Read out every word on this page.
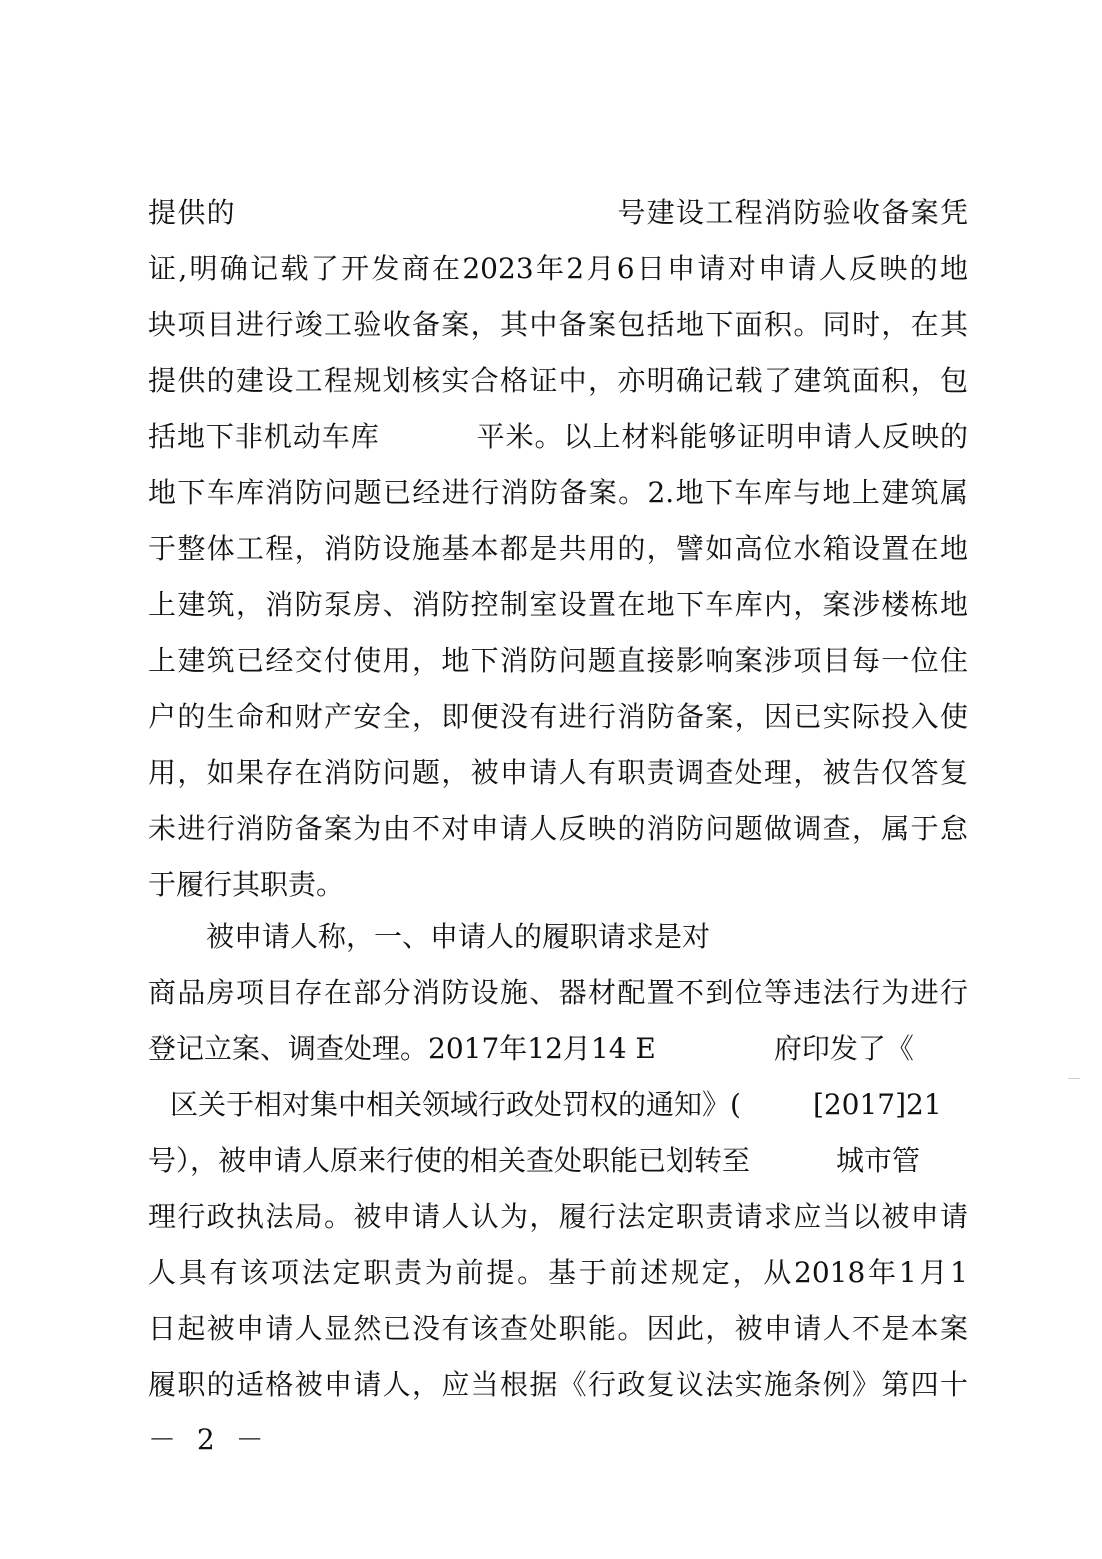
提供的	号建设工程消防验收备案凭
证,明确记载了开发商在2023年2月6日申请对申请人反映的地
块项目进行竣工验收备案，其中备案包括地下面积。同时，在其
提供的建设工程规划核实合格证中，亦明确记载了建筑面积，包
括地下非机动车库	平米。以上材料能够证明申请人反映的
地下车库消防问题已经进行消防备案。2.地下车库与地上建筑属
于整体工程，消防设施基本都是共用的，譬如高位水箱设置在地
上建筑，消防泵房、消防控制室设置在地下车库内，案涉楼栋地
上建筑已经交付使用，地下消防问题直接影响案涉项目每一位住
户的生命和财产安全，即便没有进行消防备案，因已实际投入使
用，如果存在消防问题，被申请人有职责调查处理，被告仅答复
未进行消防备案为由不对申请人反映的消防问题做调查，属于怠
于履行其职责。
被申请人称，一、申请人的履职请求是对
商品房项目存在部分消防设施、器材配置不到位等违法行为进行
登记立案、调查处理。2017年12月14 E	府印发了《
区关于相对集中相关领域行政处罚权的通知》(	[2017]21
号），被申请人原来行使的相关查处职能已划转至	城市管
理行政执法局。被申请人认为，履行法定职责请求应当以被申请
人具有该项法定职责为前提。基于前述规定，从2018年1月1
日起被申请人显然已没有该查处职能。因此，被申请人不是本案
履职的适格被申请人，应当根据《行政复议法实施条例》第四十
－ 2 －
